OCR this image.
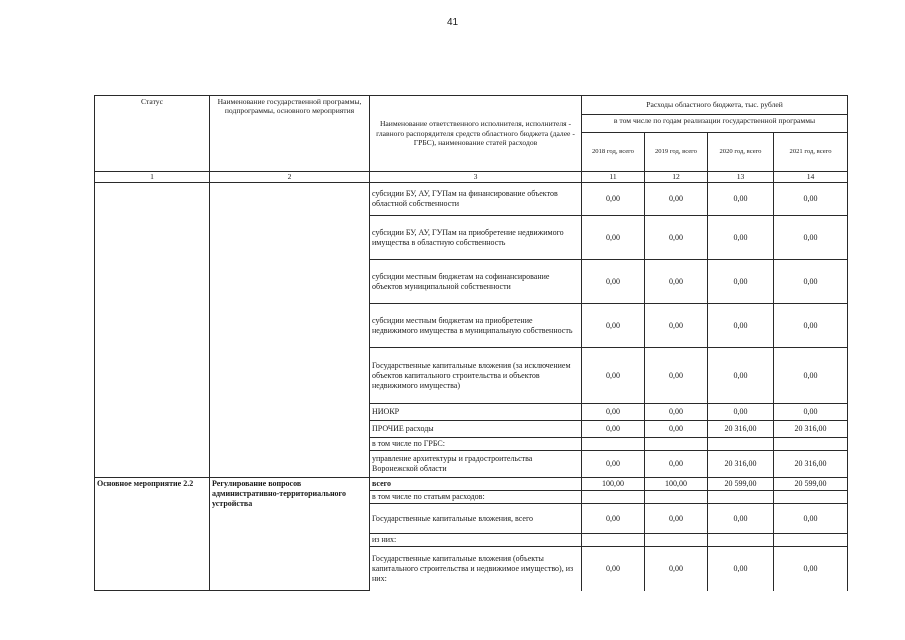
41
Статус	Наименование государственной программы, подпрограммы, основного мероприятия	Наименование ответственного исполнителя, исполнителя - главного распорядителя средств областного бюджета (далее - ГРБС), наименование статей расходов	Расходы областного бюджета, тыс. рублей			
			в том числе по годам реализации государственной программы			
			2018 год, всего	2019 год, всего	2020 год, всего	2021 год, всего
1	2	3	11	12	13	14
		субсидии БУ, АУ, ГУПам на финансирование объектов областной собственности	0,00	0,00	0,00	0,00
		субсидии БУ, АУ, ГУПам на приобретение недвижимого имущества в областную собственность	0,00	0,00	0,00	0,00
		субсидии местным бюджетам на софинансирование объектов муниципальной собственности	0,00	0,00	0,00	0,00
		субсидии местным бюджетам на приобретение недвижимого имущества в муниципальную собственность	0,00	0,00	0,00	0,00
		Государственные капитальные вложения (за исключением объектов капитального строительства и объектов недвижимого имущества)	0,00	0,00	0,00	0,00
		НИОКР	0,00	0,00	0,00	0,00
		ПРОЧИЕ расходы	0,00	0,00	20 316,00	20 316,00
		в том числе по ГРБС:				
		управление архитектуры и градостроительства Воронежской области	0,00	0,00	20 316,00	20 316,00
Основное мероприятие 2.2	Регулирование вопросов административно-территориального устройства	всего	100,00	100,00	20 599,00	20 599,00
		в том числе по статьям расходов:				
		Государственные капитальные вложения, всего	0,00	0,00	0,00	0,00
		из них:				
		Государственные капитальные вложения (объекты капитального строительства и недвижимое имущество), из них:	0,00	0,00	0,00	0,00
